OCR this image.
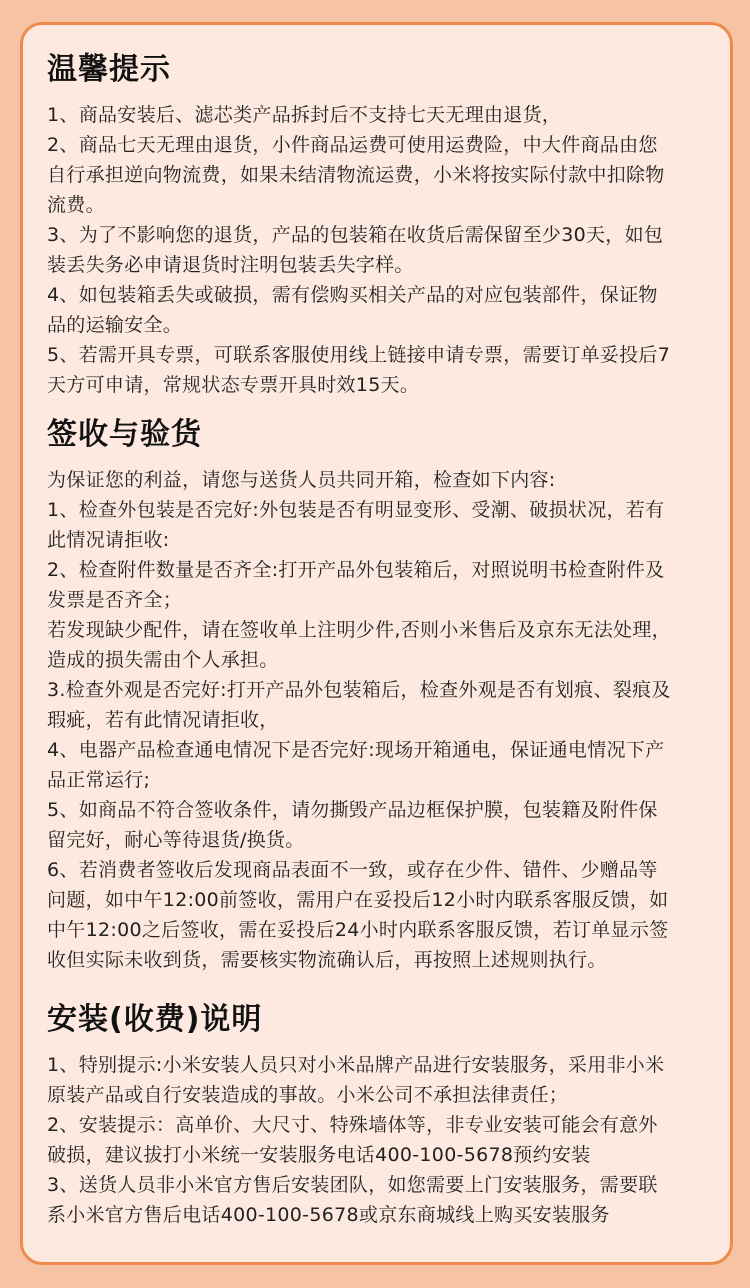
温馨提示
1、商品安装后、滤芯类产品拆封后不支持七天无理由退货，
2、商品七天无理由退货，小件商品运费可使用运费险，中大件商品由您
自行承担逆向物流费，如果未结清物流运费，小米将按实际付款中扣除物
流费。
3、为了不影响您的退货，产品的包装箱在收货后需保留至少30天，如包
装丢失务必申请退货时注明包装丢失字样。
4、如包装箱丢失或破损，需有偿购买相关产品的对应包装部件，保证物
品的运输安全。
5、若需开具专票，可联系客服使用线上链接申请专票，需要订单妥投后7
天方可申请，常规状态专票开具时效15天。
签收与验货
为保证您的利益，请您与送货人员共同开箱，检查如下内容:
1、检查外包装是否完好:外包装是否有明显变形、受潮、破损状况，若有
此情况请拒收:
2、检查附件数量是否齐全:打开产品外包装箱后，对照说明书检查附件及
发票是否齐全；
若发现缺少配件，请在签收单上注明少件,否则小米售后及京东无法处理，
造成的损失需由个人承担。
3.检查外观是否完好:打开产品外包装箱后，检查外观是否有划痕、裂痕及
瑕疵，若有此情况请拒收，
4、电器产品检查通电情况下是否完好:现场开箱通电，保证通电情况下产
品正常运行;
5、如商品不符合签收条件，请勿撕毁产品边框保护膜，包装籍及附件保
留完好，耐心等待退货/换货。
6、若消费者签收后发现商品表面不一致，或存在少件、错件、少赠品等
问题，如中午12:00前签收，需用户在妥投后12小时内联系客服反馈，如
中午12:00之后签收，需在妥投后24小时内联系客服反馈，若订单显示签
收但实际未收到货，需要核实物流确认后，再按照上述规则执行。
安装(收费)说明
1、特别提示:小米安装人员只对小米品牌产品进行安装服务，采用非小米
原装产品或自行安装造成的事故。小米公司不承担法律责任；
2、安装提示：高单价、大尺寸、特殊墙体等，非专业安装可能会有意外
破损，建议拔打小米统一安装服务电话400-100-5678预约安装
3、送货人员非小米官方售后安装团队，如您需要上门安装服务，需要联
系小米官方售后电话400-100-5678或京东商城线上购买安装服务
